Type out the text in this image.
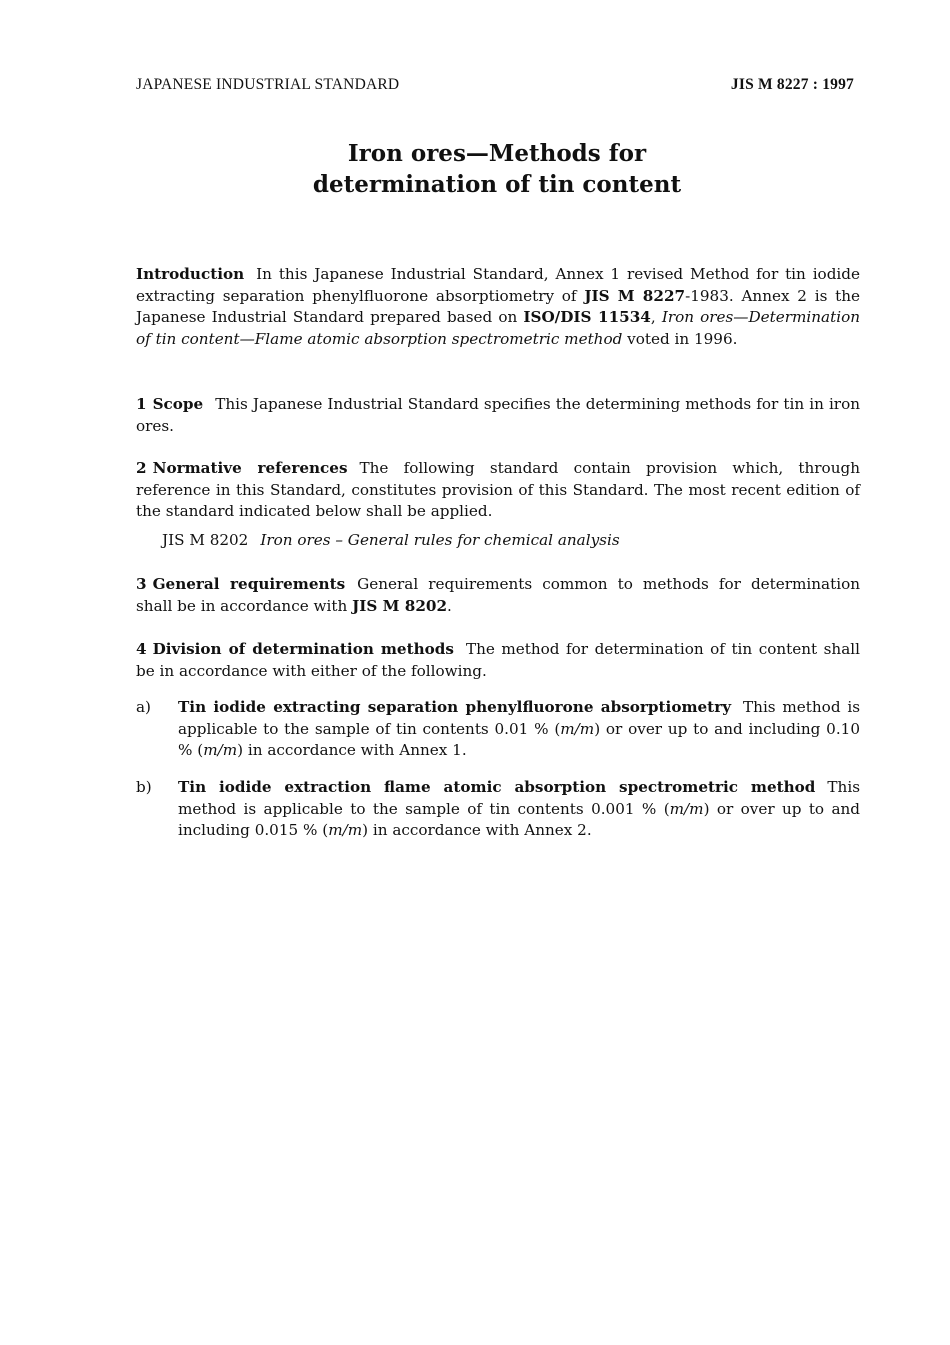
JAPANESE INDUSTRIAL STANDARD	JIS M 8227 : 1997
Iron ores—Methods for
determination of tin content
Introduction In this Japanese Industrial Standard, Annex 1 revised Method for tin iodide extracting separation phenylfluorone absorptiometry of JIS M 8227-1983. Annex 2 is the Japanese Industrial Standard prepared based on ISO/DIS 11534, Iron ores—Determination of tin content—Flame atomic absorption spectrometric method voted in 1996.
1 Scope This Japanese Industrial Standard specifies the determining methods for tin in iron ores.
2 Normative references The following standard contain provision which, through reference in this Standard, constitutes provision of this Standard. The most recent edition of the standard indicated below shall be applied.
JIS M 8202 Iron ores – General rules for chemical analysis
3 General requirements General requirements common to methods for determination shall be in accordance with JIS M 8202.
4 Division of determination methods The method for determination of tin content shall be in accordance with either of the following.
a) Tin iodide extracting separation phenylfluorone absorptiometry This method is applicable to the sample of tin contents 0.01 % (m/m) or over up to and including 0.10 % (m/m) in accordance with Annex 1.
b) Tin iodide extraction flame atomic absorption spectrometric method This method is applicable to the sample of tin contents 0.001 % (m/m) or over up to and including 0.015 % (m/m) in accordance with Annex 2.
